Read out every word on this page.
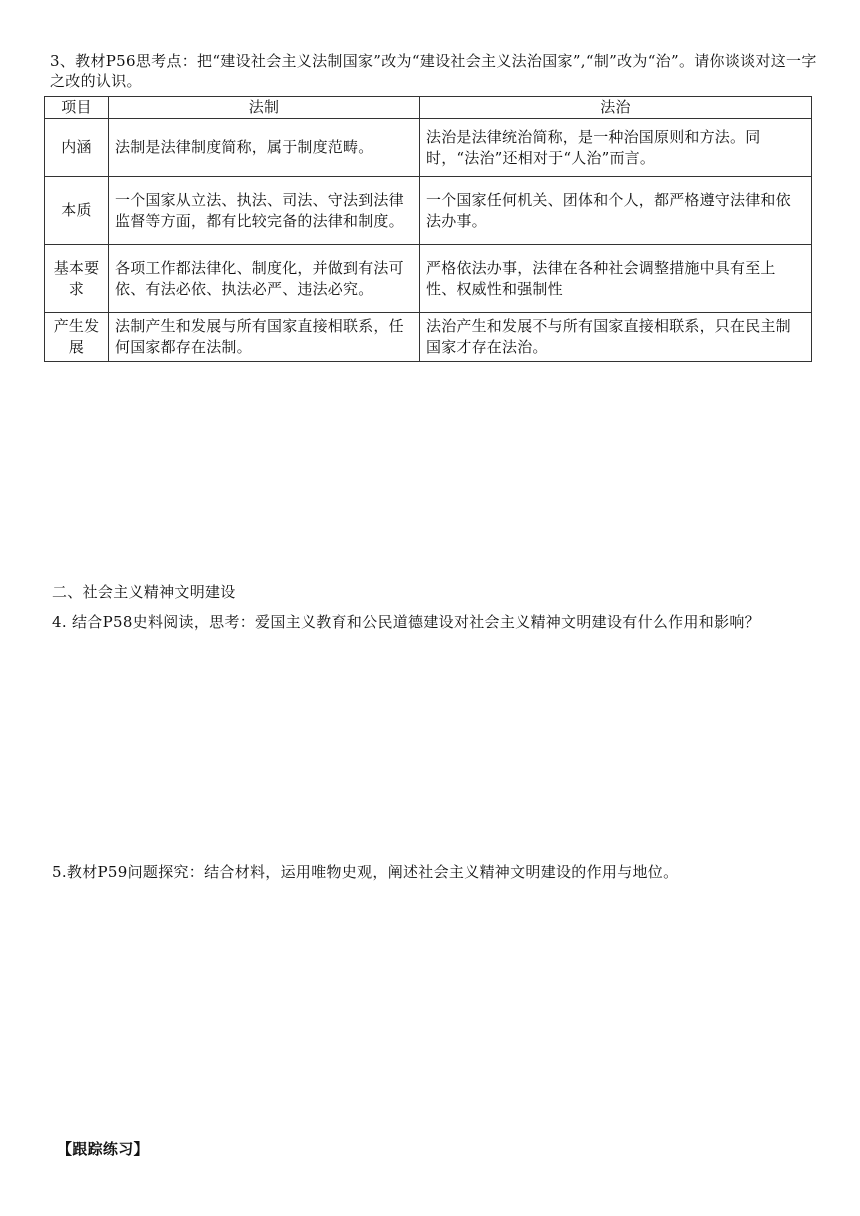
3、教材P56思考点：把“建设社会主义法制国家”改为“建设社会主义法治国家”,“制”改为“治”。请你谈谈对这一字之改的认识。
项目	法制	法治
内涵	法制是法律制度简称，属于制度范畴。	法治是法律统治简称，是一种治国原则和方法。同时，“法治”还相对于“人治”而言。
本质	一个国家从立法、执法、司法、守法到法律监督等方面，都有比较完备的法律和制度。	一个国家任何机关、团体和个人，都严格遵守法律和依法办事。
基本要求	各项工作都法律化、制度化，并做到有法可依、有法必依、执法必严、违法必究。	严格依法办事，法律在各种社会调整措施中具有至上性、权威性和强制性
产生发展	法制产生和发展与所有国家直接相联系，任何国家都存在法制。	法治产生和发展不与所有国家直接相联系，只在民主制国家才存在法治。
二、社会主义精神文明建设
4. 结合P58史料阅读，思考：爱国主义教育和公民道德建设对社会主义精神文明建设有什么作用和影响？
5.教材P59问题探究：结合材料，运用唯物史观，阐述社会主义精神文明建设的作用与地位。
【跟踪练习】
